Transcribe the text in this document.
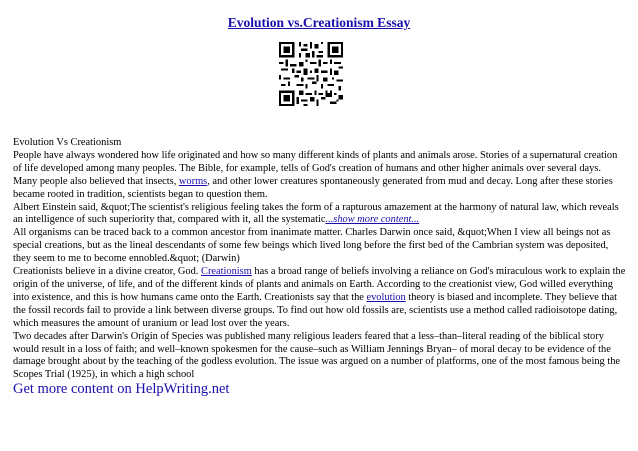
Evolution vs.Creationism Essay

Evolution Vs Creationism

People have always wondered how life originated and how so many different kinds of plants and animals arose. Stories of a supernatural creation of life developed among many peoples. The Bible, for example, tells of God's creation of humans and other higher animals over several days. Many people also believed that insects, worms, and other lower creatures spontaneously generated from mud and decay. Long after these stories became rooted in tradition, scientists began to question them.

Albert Einstein said, &quot;The scientist's religious feeling takes the form of a rapturous amazement at the harmony of natural law, which reveals an intelligence of such superiority that, compared with it, all the systematic...show more content...

All organisms can be traced back to a common ancestor from inanimate matter. Charles Darwin once said, &quot;When I view all beings not as special creations, but as the lineal descendants of some few beings which lived long before the first bed of the Cambrian system was deposited, they seem to me to become ennobled.&quot; (Darwin)

Creationists believe in a divine creator, God. Creationism has a broad range of beliefs involving a reliance on God's miraculous work to explain the origin of the universe, of life, and of the different kinds of plants and animals on Earth. According to the creationist view, God willed everything into existence, and this is how humans came onto the Earth. Creationists say that the evolution theory is biased and incomplete. They believe that the fossil records fail to provide a link between diverse groups. To find out how old fossils are, scientists use a method called radioisotope dating, which measures the amount of uranium or lead lost over the years.

Two decades after Darwin's Origin of Species was published many religious leaders feared that a less–than–literal reading of the biblical story would result in a loss of faith; and well–known spokesmen for the cause–such as William Jennings Bryan– of moral decay to be evidence of the damage brought about by the teaching of the godless evolution. The issue was argued on a number of platforms, one of the most famous being the Scopes Trial (1925), in which a high school

Get more content on HelpWriting.net
